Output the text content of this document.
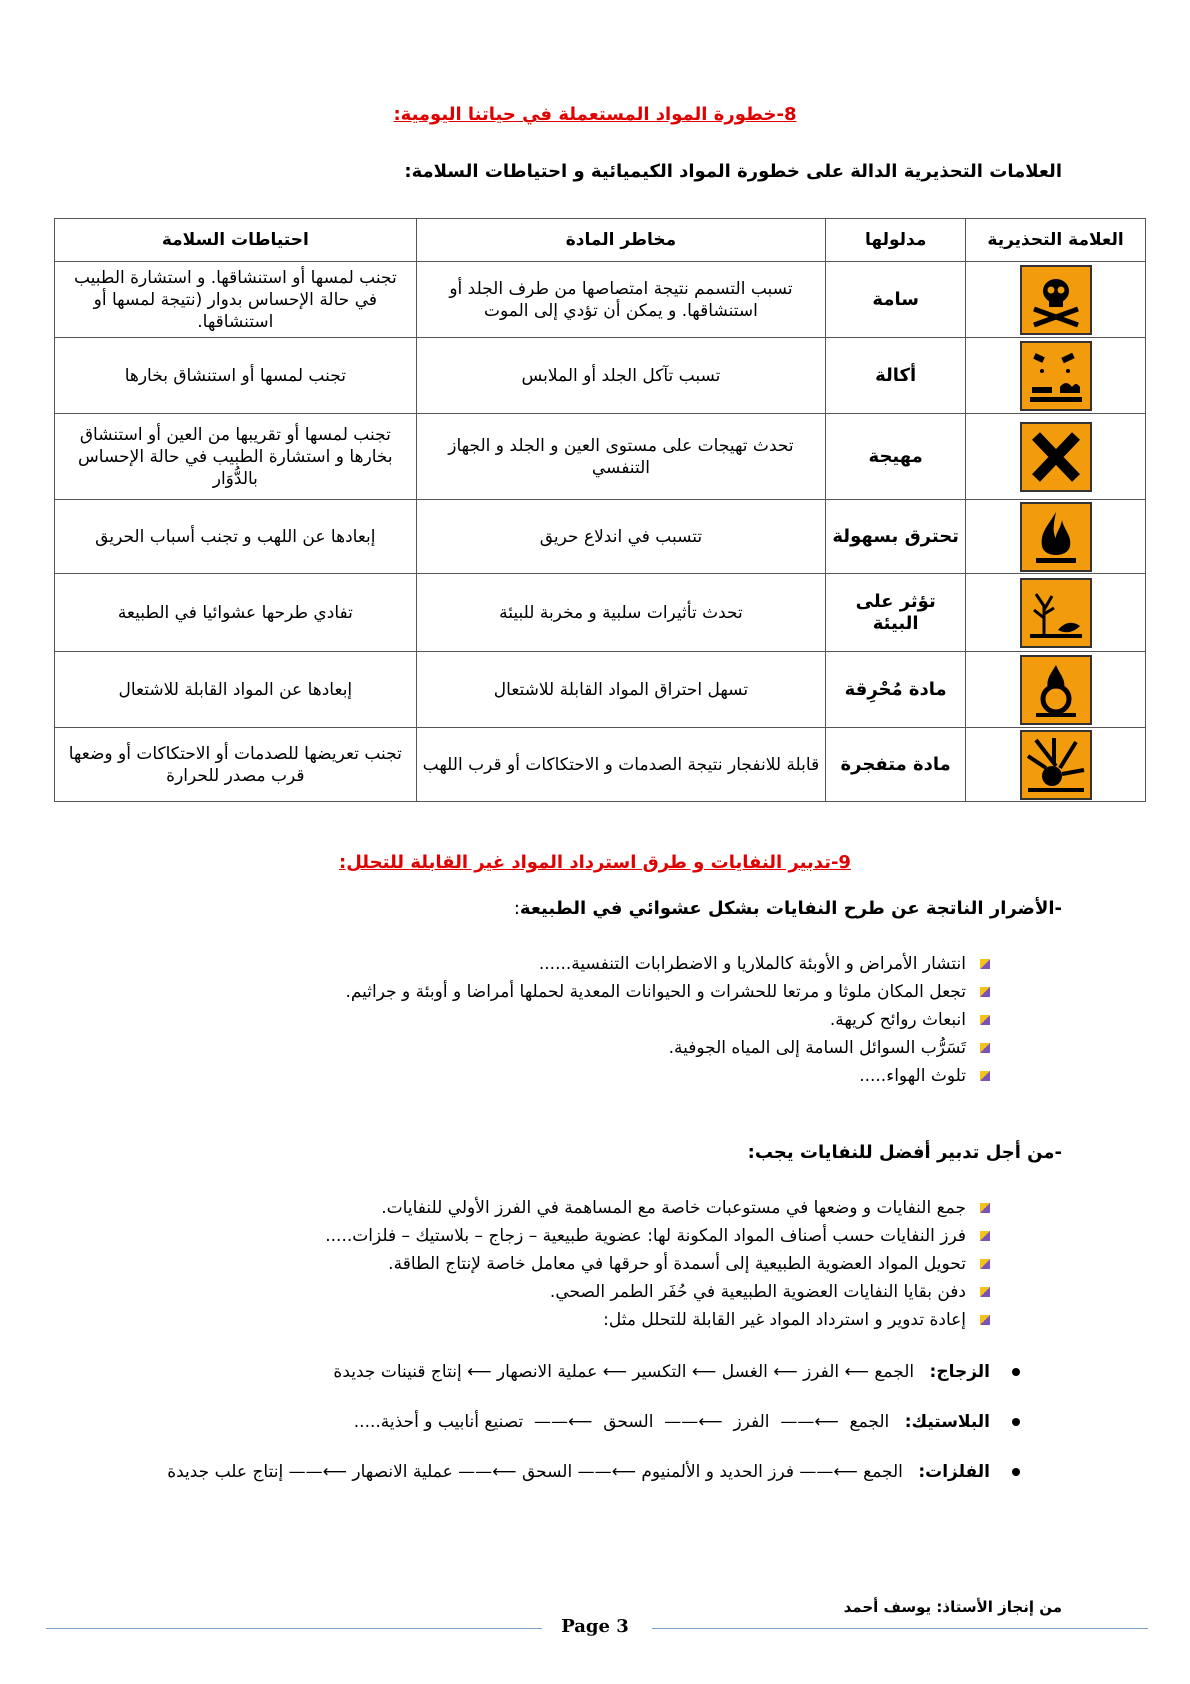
8-خطورة المواد المستعملة في حياتنا اليومية:
العلامات التحذيرية الدالة على خطورة المواد الكيميائية و احتياطات السلامة:
العلامة التحذيرية	مدلولها	مخاطر المادة	احتياطات السلامة

	سامة	تسبب التسمم نتيجة امتصاصها من طرف الجلد أو استنشاقها. و يمكن أن تؤدي إلى الموت	تجنب لمسها أو استنشاقها. و استشارة الطبيب في حالة الإحساس بدوار (نتيجة لمسها أو استنشاقها.

	أكالة	تسبب تآكل الجلد أو الملابس	تجنب لمسها أو استنشاق بخارها

	مهيجة	تحدث تهيجات على مستوى العين و الجلد و الجهاز التنفسي	تجنب لمسها أو تقريبها من العين أو استنشاق بخارها و استشارة الطبيب في حالة الإحساس بالدُّوَار

	تحترق بسهولة	تتسبب في اندلاع حريق	إبعادها عن اللهب و تجنب أسباب الحريق

	تؤثر على البيئة	تحدث تأثيرات سلبية و مخربة للبيئة	تفادي طرحها عشوائيا في الطبيعة

	مادة مُحْرِقة	تسهل احتراق المواد القابلة للاشتعال	إبعادها عن المواد القابلة للاشتعال

	مادة متفجرة	قابلة للانفجار نتيجة الصدمات و الاحتكاكات أو قرب اللهب	تجنب تعريضها للصدمات أو الاحتكاكات أو وضعها قرب مصدر للحرارة
9-تدبير النفايات و طرق استرداد المواد غير القابلة للتحلل:
-الأضرار الناتجة عن طرح النفايات بشكل عشوائي في الطبيعة:
انتشار الأمراض و الأوبئة كالملاريا و الاضطرابات التنفسية......
تجعل المكان ملوثا و مرتعا للحشرات و الحيوانات المعدية لحملها أمراضا و أوبئة و جراثيم.
انبعاث روائح كريهة.
تَسَرُّب السوائل السامة إلى المياه الجوفية.
تلوث الهواء.....
-من أجل تدبير أفضل للنفايات يجب:
جمع النفايات و وضعها في مستوعبات خاصة مع المساهمة في الفرز الأولي للنفايات.
فرز النفايات حسب أصناف المواد المكونة لها: عضوية طبيعية – زجاج – بلاستيك – فلزات.....
تحويل المواد العضوية الطبيعية إلى أسمدة أو حرقها في معامل خاصة لإنتاج الطاقة.
دفن بقايا النفايات العضوية الطبيعية في حُفَر الطمر الصحي.
إعادة تدوير و استرداد المواد غير القابلة للتحلل مثل:
الزجاج: الجمع ⟵ الفرز ⟵ الغسل ⟵ التكسير ⟵ عملية الانصهار ⟵ إنتاج قنينات جديدة
البلاستيك: الجمع  ⟵——  الفرز  ⟵——  السحق  ⟵——  تصنيع أنابيب و أحذية.....
الفلزات: الجمع ⟵—— فرز الحديد و الألمنيوم ⟵—— السحق ⟵—— عملية الانصهار ⟵—— إنتاج علب جديدة
من إنجاز الأستاذ: يوسف أحمد
Page 3
